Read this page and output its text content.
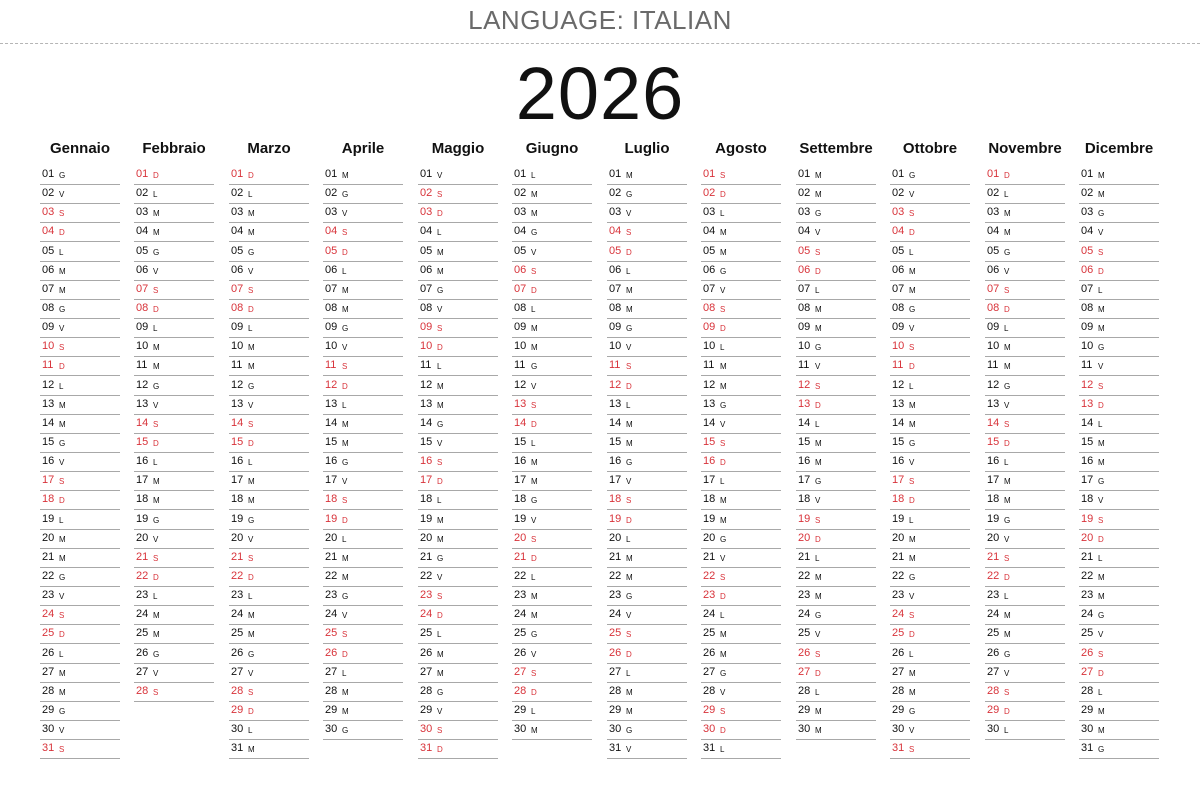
LANGUAGE: ITALIAN
2026
Gennaio
01 G
02 V
03 S
04 D
05 L
06 M
07 M
08 G
09 V
10 S
11 D
12 L
13 M
14 M
15 G
16 V
17 S
18 D
19 L
20 M
21 M
22 G
23 V
24 S
25 D
26 L
27 M
28 M
29 G
30 V
31 S
Febbraio
01 D
02 L
03 M
04 M
05 G
06 V
07 S
08 D
09 L
10 M
11 M
12 G
13 V
14 S
15 D
16 L
17 M
18 M
19 G
20 V
21 S
22 D
23 L
24 M
25 M
26 G
27 V
28 S
Marzo
01 D
02 L
03 M
04 M
05 G
06 V
07 S
08 D
09 L
10 M
11 M
12 G
13 V
14 S
15 D
16 L
17 M
18 M
19 G
20 V
21 S
22 D
23 L
24 M
25 M
26 G
27 V
28 S
29 D
30 L
31 M
Aprile
01 M
02 G
03 V
04 S
05 D
06 L
07 M
08 M
09 G
10 V
11 S
12 D
13 L
14 M
15 M
16 G
17 V
18 S
19 D
20 L
21 M
22 M
23 G
24 V
25 S
26 D
27 L
28 M
29 M
30 G
Maggio
01 V
02 S
03 D
04 L
05 M
06 M
07 G
08 V
09 S
10 D
11 L
12 M
13 M
14 G
15 V
16 S
17 D
18 L
19 M
20 M
21 G
22 V
23 S
24 D
25 L
26 M
27 M
28 G
29 V
30 S
31 D
Giugno
01 L
02 M
03 M
04 G
05 V
06 S
07 D
08 L
09 M
10 M
11 G
12 V
13 S
14 D
15 L
16 M
17 M
18 G
19 V
20 S
21 D
22 L
23 M
24 M
25 G
26 V
27 S
28 D
29 L
30 M
Luglio
01 M
02 G
03 V
04 S
05 D
06 L
07 M
08 M
09 G
10 V
11 S
12 D
13 L
14 M
15 M
16 G
17 V
18 S
19 D
20 L
21 M
22 M
23 G
24 V
25 S
26 D
27 L
28 M
29 M
30 G
31 V
Agosto
01 S
02 D
03 L
04 M
05 M
06 G
07 V
08 S
09 D
10 L
11 M
12 M
13 G
14 V
15 S
16 D
17 L
18 M
19 M
20 G
21 V
22 S
23 D
24 L
25 M
26 M
27 G
28 V
29 S
30 D
31 L
Settembre
01 M
02 M
03 G
04 V
05 S
06 D
07 L
08 M
09 M
10 G
11 V
12 S
13 D
14 L
15 M
16 M
17 G
18 V
19 S
20 D
21 L
22 M
23 M
24 G
25 V
26 S
27 D
28 L
29 M
30 M
Ottobre
01 G
02 V
03 S
04 D
05 L
06 M
07 M
08 G
09 V
10 S
11 D
12 L
13 M
14 M
15 G
16 V
17 S
18 D
19 L
20 M
21 M
22 G
23 V
24 S
25 D
26 L
27 M
28 M
29 G
30 V
31 S
Novembre
01 D
02 L
03 M
04 M
05 G
06 V
07 S
08 D
09 L
10 M
11 M
12 G
13 V
14 S
15 D
16 L
17 M
18 M
19 G
20 V
21 S
22 D
23 L
24 M
25 M
26 G
27 V
28 S
29 D
30 L
Dicembre
01 M
02 M
03 G
04 V
05 S
06 D
07 L
08 M
09 M
10 G
11 V
12 S
13 D
14 L
15 M
16 M
17 G
18 V
19 S
20 D
21 L
22 M
23 M
24 G
25 V
26 S
27 D
28 L
29 M
30 M
31 G
